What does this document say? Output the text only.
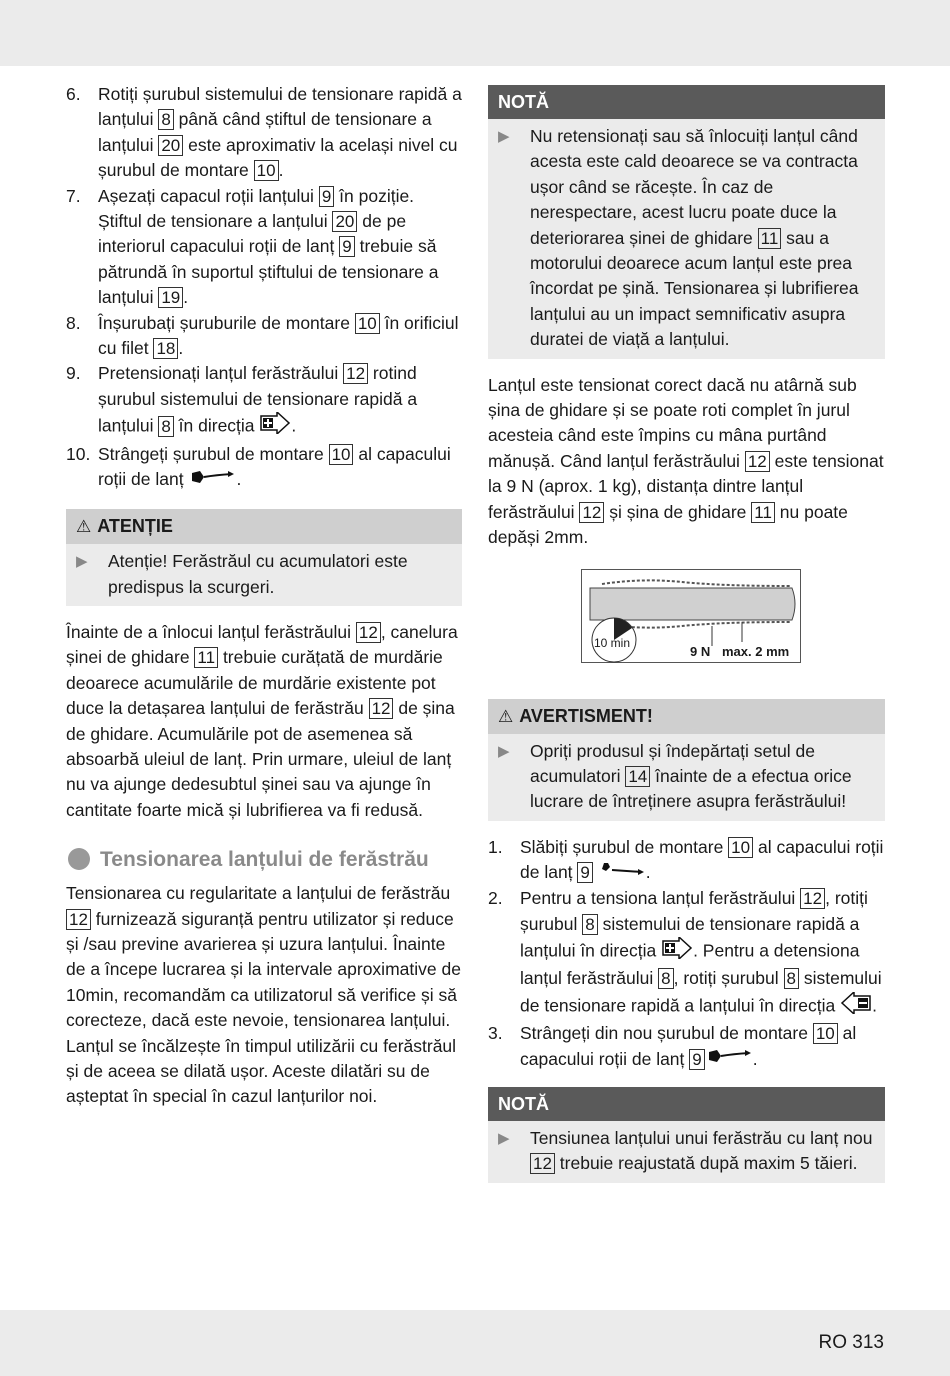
6. Rotiți șurubul sistemului de tensionare rapidă a lanțului 8 până când știftul de tensionare a lanțului 20 este aproximativ la același nivel cu șurubul de montare 10 .
7. Așezați capacul roții lanțului 9 în poziție. Știftul de tensionare a lanțului 20 de pe interiorul capacului roții de lanț 9 trebuie să pătrundă în suportul știftului de tensionare a lanțului 19 .
8. Înșurubați șuruburile de montare 10 în orificiul cu filet 18 .
9. Pretensionați lanțul ferăstrăului 12 rotind șurubul sistemului de tensionare rapidă a lanțului 8 în direcția .
10. Strângeți șurubul de montare 10 al capacului roții de lanț	.
⚠ ATENȚIE
▶	Atenție! Ferăstrăul cu acumulatori este predispus la scurgeri.

Înainte de a înlocui lanțul ferăstrăului 12 , canelura șinei de ghidare 11 trebuie curățată de murdărie deoarece acumulările de murdărie existente pot duce la detașarea lanțului de ferăstrău 12 de șina de ghidare. Acumulările pot de asemenea să absoarbă uleiul de lanț. Prin urmare, uleiul de lanț nu va ajunge dedesubtul șinei sau va ajunge în cantitate foarte mică și lubrifierea va fi redusă.

Tensionarea lanțului de ferăstrău

Tensionarea cu regularitate a lanțului de ferăstrău 12 furnizează siguranță pentru utilizator și reduce și /sau previne avarierea și uzura lanțului. Înainte de a începe lucrarea și la intervale aproximative de 10min, recomandăm ca utilizatorul să verifice și să corecteze, dacă este nevoie, tensionarea lanțului. Lanțul se încălzește în timpul utilizării cu ferăstrăul și de aceea se dilată ușor. Aceste dilatări su de așteptat în special în cazul lanțurilor noi.

NOTĂ
▶	Nu retensionați sau să înlocuiți lanțul când acesta este cald deoarece se va contracta ușor când se răcește. În caz de nerespectare, acest lucru poate duce la deteriorarea șinei de ghidare 11 sau a motorului deoarece acum lanțul este prea încordat pe șină. Tensionarea și lubrifierea lanțului au un impact semnificativ asupra duratei de viață a lanțului.

Lanțul este tensionat corect dacă nu atârnă sub șina de ghidare și se poate roti complet în jurul acesteia când este împins cu mâna purtând mănușă. Când lanțul ferăstrăului 12 este tensionat la 9 N (aprox. 1 kg), distanța dintre lanțul ferăstrăului 12 și șina de ghidare 11 nu poate depăși 2mm.

10 min
9 N max. 2 mm
⚠ AVERTISMENT!
▶	Opriți produsul și îndepărtați setul de acumulatori 14 înainte de a efectua orice lucrare de întreținere asupra ferăstrăului!
1. Slăbiți șurubul de montare 10 al capacului roții de lanț 9	.
2. Pentru a tensiona lanțul ferăstrăului 12 , rotiți șurubul 8 sistemului de tensionare rapidă a lanțului în direcția . Pentru a detensiona lanțul ferăstrăului 8 , rotiți șurubul 8 sistemului de tensionare rapidă a lanțului în direcția .
3. Strângeți din nou șurubul de montare 10 al capacului roții de lanț 9	.
NOTĂ
▶	Tensiunea lanțului unui ferăstrău cu lanț nou 12 trebuie reajustată după maxim 5 tăieri.
RO 313
